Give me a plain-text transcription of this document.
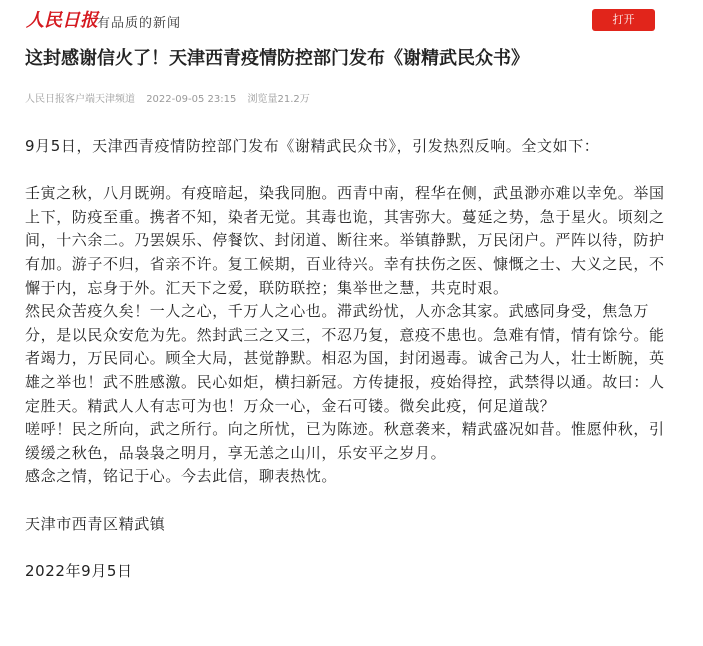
人民日报 有品质的新闻	打开
这封感谢信火了！天津西青疫情防控部门发布《谢精武民众书》
人民日报客户端天津频道 2022-09-05 23:15 浏览量21.2万

9月5日，天津西青疫情防控部门发布《谢精武民众书》，引发热烈反响。全文如下：

壬寅之秋，八月既朔。有疫暗起，染我同胞。西青中南，程华在侧，武虽渺亦难以幸免。举国上下，防疫至重。携者不知，染者无觉。其毒也诡，其害弥大。蔓延之势，急于星火。顷刻之间，十六余二。乃罢娱乐、停餐饮、封闭道、断往来。举镇静默，万民闭户。严阵以待，防护有加。游子不归，省亲不许。复工候期，百业待兴。幸有扶伤之医、慷慨之士、大义之民，不懈于内，忘身于外。汇天下之爱，联防联控；集举世之慧，共克时艰。

然民众苦疫久矣！一人之心，千万人之心也。滞武纷忧，人亦念其家。武感同身受，焦急万分，是以民众安危为先。然封武三之又三，不忍乃复，意疫不患也。急难有情，情有馀兮。能者竭力，万民同心。顾全大局，甚觉静默。相忍为国，封闭遏毒。诚舍己为人，壮士断腕，英雄之举也！武不胜感激。民心如炬，横扫新冠。方传捷报，疫始得控，武禁得以通。故曰：人定胜天。精武人人有志可为也！万众一心，金石可镂。微矣此疫，何足道哉？

嗟呼！民之所向，武之所行。向之所忧，已为陈迹。秋意袭来，精武盛况如昔。惟愿仲秋，引缓缓之秋色，品袅袅之明月，享无恙之山川，乐安平之岁月。

感念之情，铭记于心。今去此信，聊表热忱。

天津市西青区精武镇

2022年9月5日
